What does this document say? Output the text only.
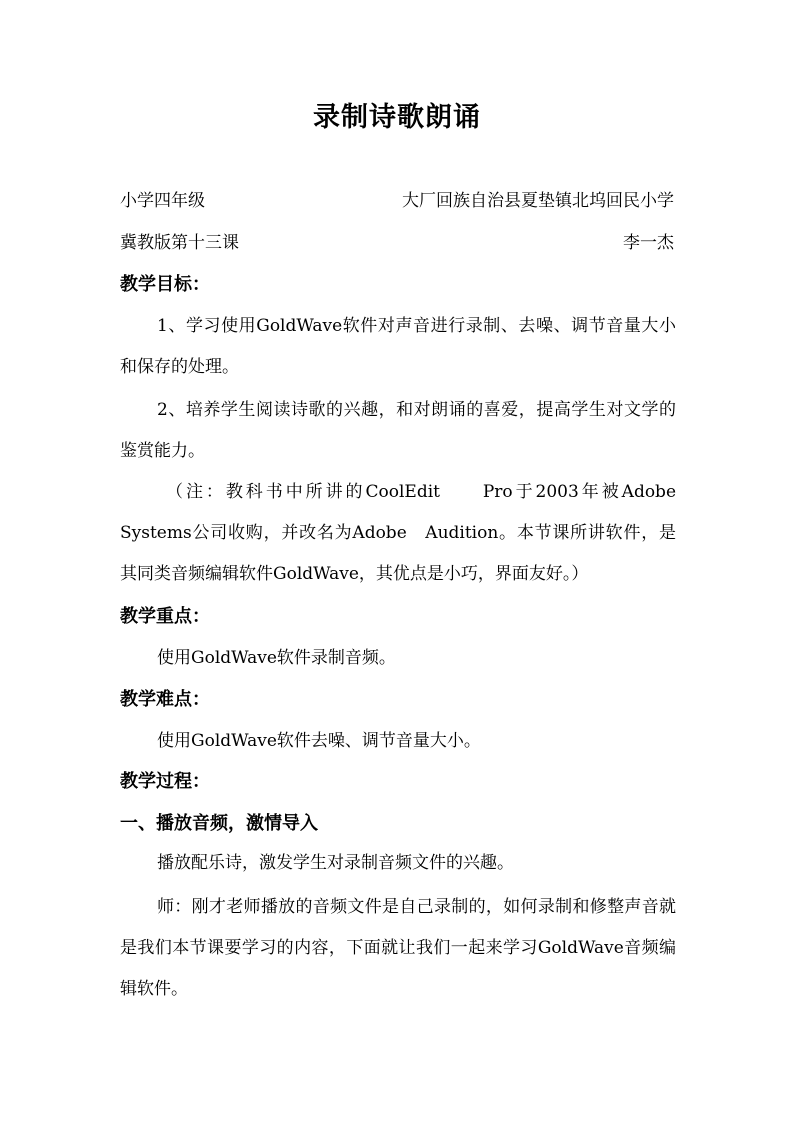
录制诗歌朗诵
小学四年级	大厂回族自治县夏垫镇北坞回民小学
冀教版第十三课	李一杰
教学目标：

1、学习使用GoldWave软件对声音进行录制、去噪、调节音量大小和保存的处理。

2、培养学生阅读诗歌的兴趣，和对朗诵的喜爱，提高学生对文学的鉴赏能力。

（注：教科书中所讲的CoolEdit　　Pro于2003年被Adobe Systems公司收购，并改名为Adobe　Audition。本节课所讲软件，是其同类音频编辑软件GoldWave，其优点是小巧，界面友好。）

教学重点：

使用GoldWave软件录制音频。

教学难点：

使用GoldWave软件去噪、调节音量大小。

教学过程：
一、播放音频，激情导入

播放配乐诗，激发学生对录制音频文件的兴趣。

师：刚才老师播放的音频文件是自己录制的，如何录制和修整声音就是我们本节课要学习的内容，下面就让我们一起来学习GoldWave音频编辑软件。
